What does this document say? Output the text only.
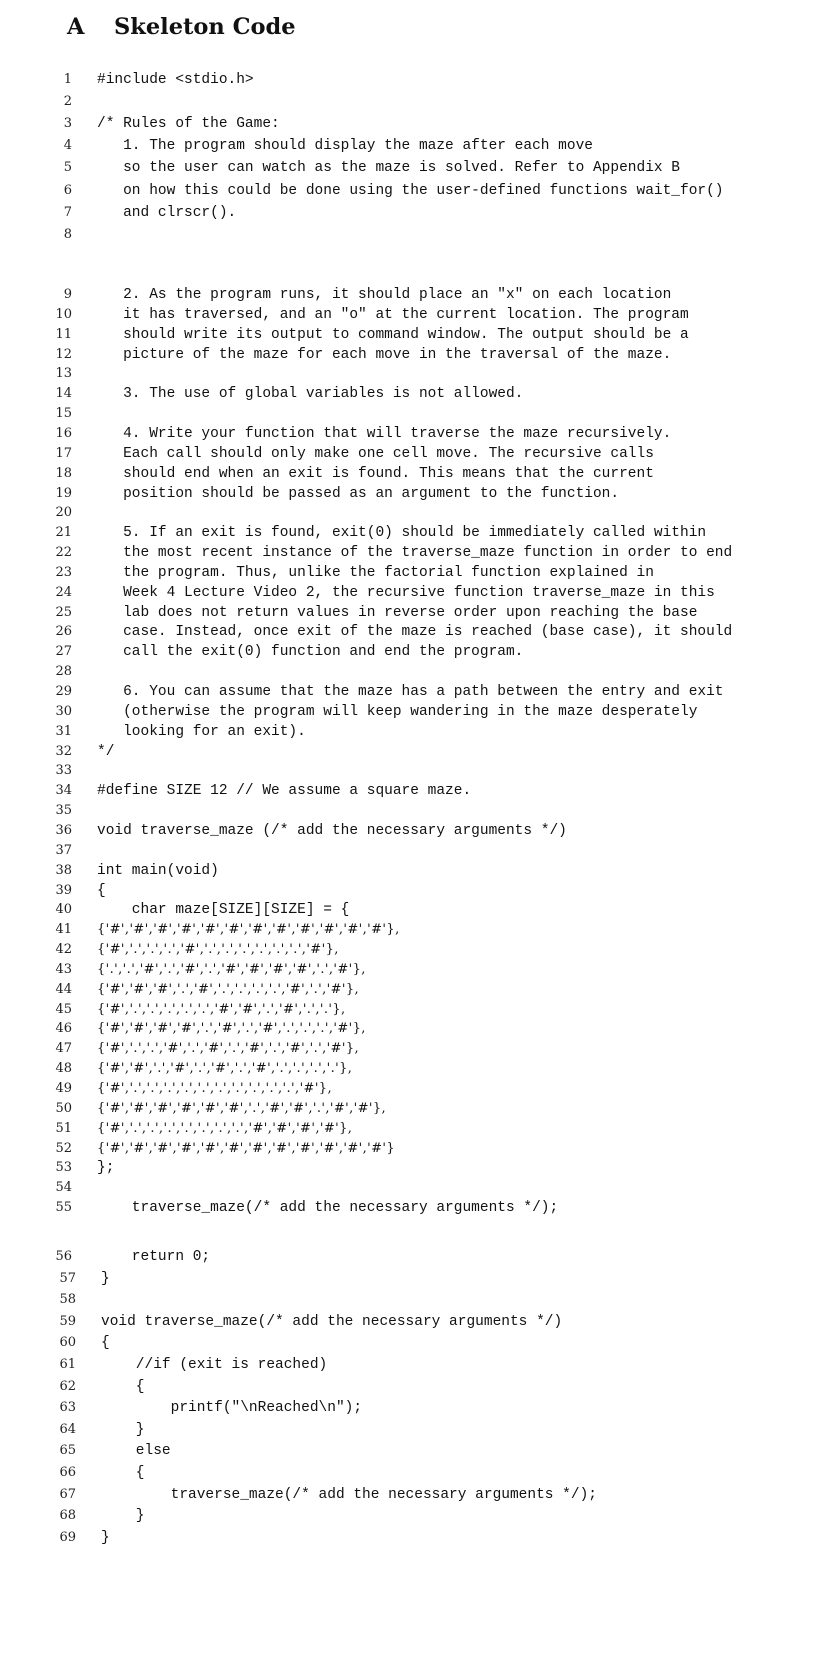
A Skeleton Code
1 #include <stdio.h>
2
3 /* Rules of the Game:
4 1. The program should display the maze after each move
5 so the user can watch as the maze is solved. Refer to Appendix B
6 on how this could be done using the user-defined functions wait_for()
7 and clrscr().
8
9 2. As the program runs, it should place an "x" on each location
10 it has traversed, and an "o" at the current location. The program
11 should write its output to command window. The output should be a
12 picture of the maze for each move in the traversal of the maze.
13
14 3. The use of global variables is not allowed.
15
16 4. Write your function that will traverse the maze recursively.
17 Each call should only make one cell move. The recursive calls
18 should end when an exit is found. This means that the current
19 position should be passed as an argument to the function.
20
21 5. If an exit is found, exit(0) should be immediately called within
22 the most recent instance of the traverse_maze function in order to end
23 the program. Thus, unlike the factorial function explained in
24 Week 4 Lecture Video 2, the recursive function traverse_maze in this
25 lab does not return values in reverse order upon reaching the base
26 case. Instead, once exit of the maze is reached (base case), it should
27 call the exit(0) function and end the program.
28
29 6. You can assume that the maze has a path between the entry and exit
30 (otherwise the program will keep wandering in the maze desperately
31 looking for an exit).
32 */
33
34 #define SIZE 12 // We assume a square maze.
35
36 void traverse_maze (/* add the necessary arguments */)
37
38 int main(void)
39 {
40 char maze[SIZE][SIZE] = {
41 {'#','#','#','#','#','#','#','#','#','#','#','#'},
42 {'#','.','.','.','#','.','.','.','.','.','.','#'},
43 {'.','.','#','.','#','.','#','#','#','#','.','#'},
44 {'#','#','#','.','#','.','.','.','.','#','.','#'},
45 {'#','.','.','.','.','.','#','#','.','#','.','.'},
46 {'#','#','#','#','.','#','.','#','.','.','.','#'},
47 {'#','.','.','#','.','#','.','#','.','#','.','#'},
48 {'#','#','.','#','.','#','.','#','.','.','.','.'},
49 {'#','.','.','.','.','.','.','.','.','.','.','#'},
50 {'#','#','#','#','#','#','.','#','#','.','#','#'},
51 {'#','.','.','.','.','.','.','.','#','#','#','#'},
52 {'#','#','#','#','#','#','#','#','#','#','#','#'}
53 };
54
55 traverse_maze(/* add the necessary arguments */);
56 return 0;
57 }
58
59 void traverse_maze(/* add the necessary arguments */)
60 {
61 //if (exit is reached)
62 {
63 printf("\nReached\n");
64 }
65 else
66 {
67 traverse_maze(/* add the necessary arguments */);
68 }
69 }
